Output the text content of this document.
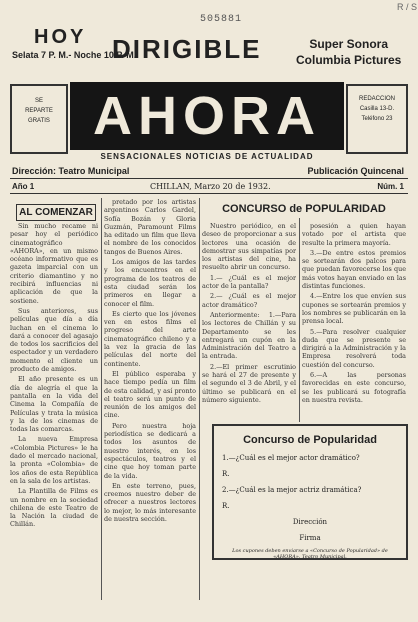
505881
R / S
HOY
Selata 7 P. M.- Noche 10 P. M.
DIRIGIBLE	Super Sonora
Columbia Pictures
SE
REPARTE
GRATIS AHORA	REDACCION
Casilla 13-D.
Teléfono 23
SENSACIONALES NOTICIAS DE ACTUALIDAD
Dirección: Teatro Municipal	Publicación Quincenal
Año 1	CHILLAN, Marzo 20 de 1932.	Núm. 1
AL COMENZAR

Sin mucho recame ni pesar hoy el periódico cinematográfico «AHORA», en un mismo océano informativo que es gazeta imparcial con un criterio diamantino y no recibirá influencias ni aplicación de que la sostiene.

Sus anteriores, sus películas que día a día luchan en el cinema lo dará a conocer del agasajo de todos los sacrificios del espectador y un verdadero momento el cliente un producto de amigos.

El año presente es un día de alegría el que la pantalla en la vida del Cinema la Compañía de Películas y trata la música y la de los cinemas de todas las comarcas.

La nueva Empresa «Colombia Pictures» le ha dado el mercado nacional, la pronta «Colombia» de los años de esta República en la sala de los artistas.

La Plantilla de Films es un nombre en la sociedad chilena de este Teatro de la Nación la ciudad de Chillán.

pretado por los artistas argentinos Carlos Gardel, Sofía Bozán y Gloria Guzmán, Paramount Films ha editado un film que lleva el nombre de los conocidos tangos de Buenos Aires.

Los amigos de las tardes y los encuentros en el programa de los teatros de esta ciudad serán los primeros en llegar a conocer el film.

Es cierto que los jóvenes ven en estos films el progreso del arte cinematográfico chileno y a la vez la gracia de las películas del norte del continente.

El público esperaba y hace tiempo pedía un film de esta calidad, y así pronto el teatro será un punto de reunión de los amigos del cine.

Pero nuestra hoja periodística se dedicará a todos los asuntos de nuestro interés, en los espectáculos, teatros y el cine que hoy toman parte de la vida.

En este terreno, pues, creemos nuestro deber de ofrecer a nuestros lectores lo mejor, lo más interesante de nuestra sección.

CONCURSO de POPULARIDAD

Nuestro periódico, en el deseo de proporcionar a sus lectores una ocasión de demostrar sus simpatías por los artistas del cine, ha resuelto abrir un concurso.

1.— ¿Cuál es el mejor actor de la pantalla?

2.— ¿Cuál es el mejor actor dramático?

Anteriormente: 1.—Para los lectores de Chillán y su Departamento se les entregará un cupón en la Administración del Teatro a la entrada.

2.—El primer escrutinio se hará el 27 de presente y el segundo el 3 de Abril, y el último se publicará en el número siguiente.

posesión a quien hayan votado por el artista que resulte la primera mayoría.

3.—De entre estos premios se sortearán dos palcos para que puedan favorecerse los que más votos hayan enviado en las distintas funciones.

4.—Entre los que envíen sus cupones se sortearán premios y los nombres se publicarán en la prensa local.

5.—Para resolver cualquier duda que se presente se dirigirá a la Administración y la Empresa resolverá toda cuestión del concurso.

6.—A las personas favorecidas en este concurso, se les publicará su fotografía en nuestra revista.

Concurso de Popularidad
1.—¿Cuál es el mejor actor dramático?
R.
2.—¿Cuál es la mejor actriz dramática?
R.
Dirección
Firma
Los cupones deben enviarse a «Concurso de Popularidad» de «AHORA». Teatro Municipal.
